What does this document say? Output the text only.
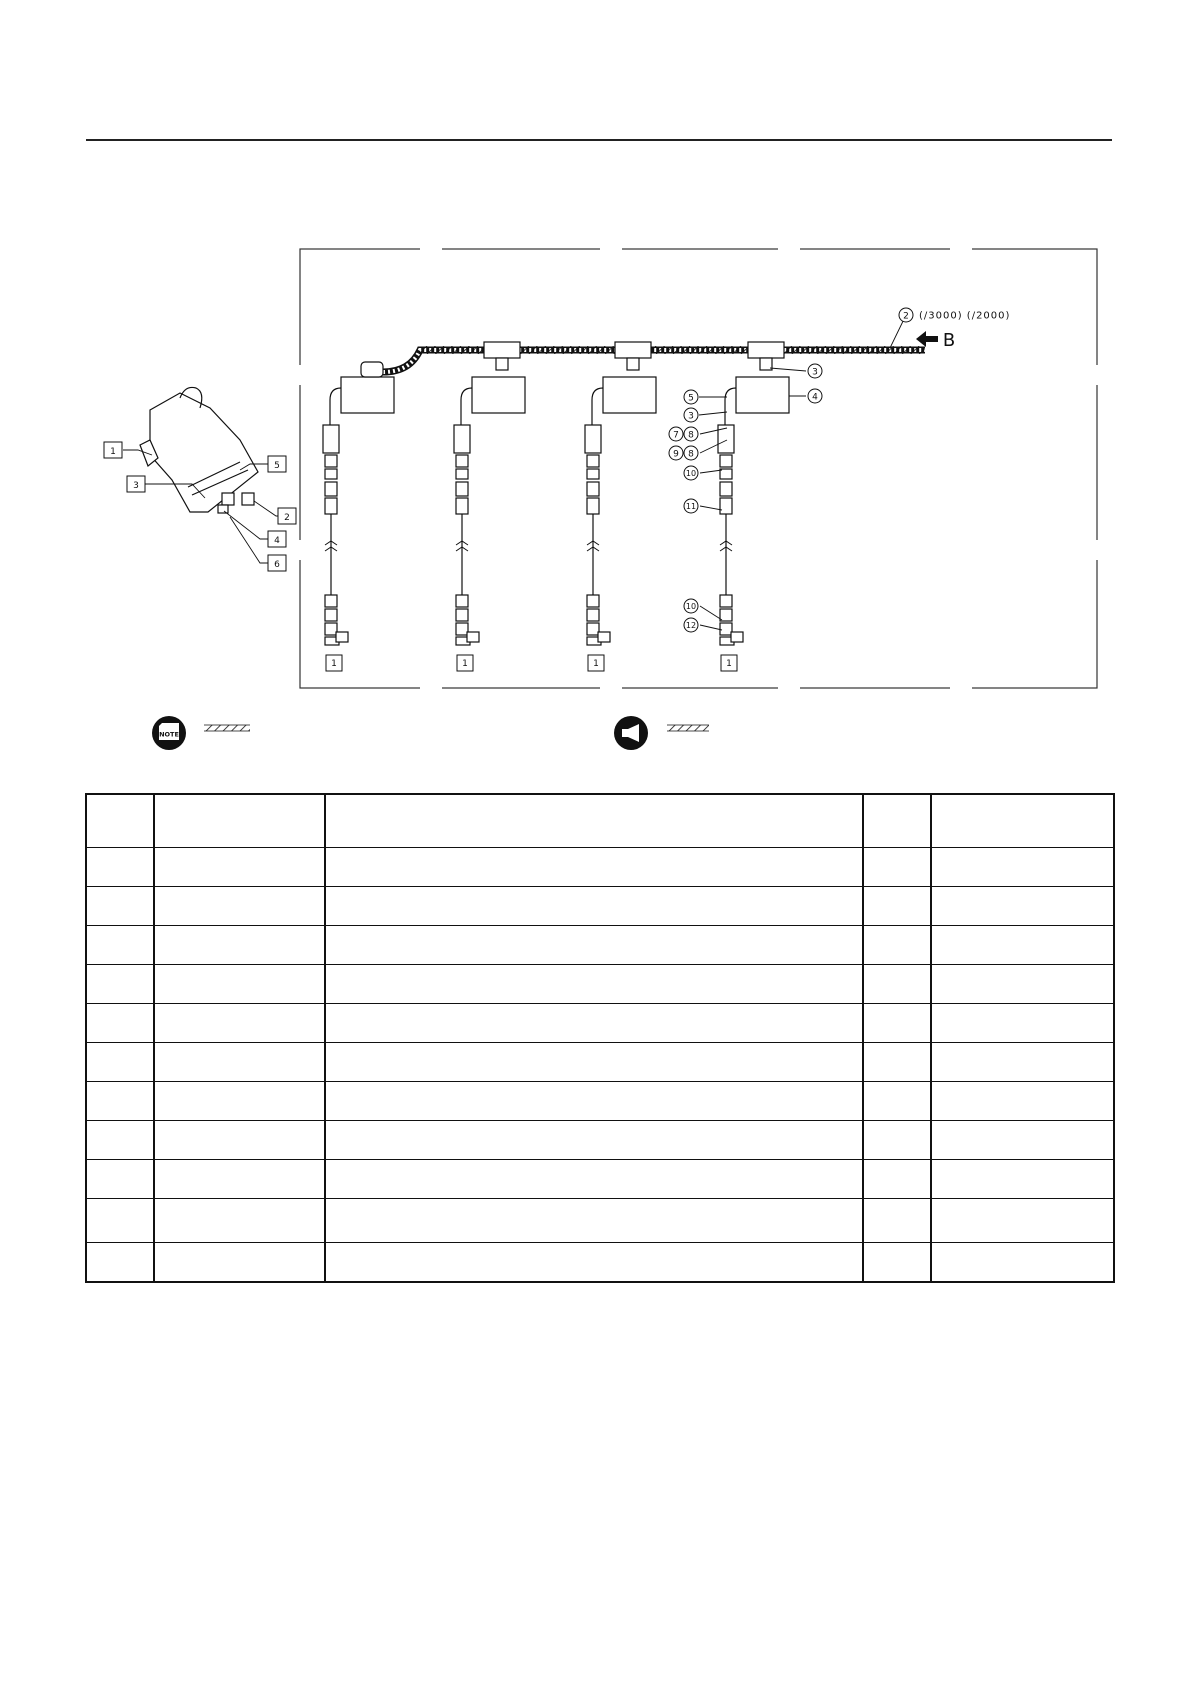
2 (/3000) (/2000)
B
3
4
5
3
7 8
9 8
10
11
10
12
1	1	1	1
1
3
5
2
4
6
NOTE
